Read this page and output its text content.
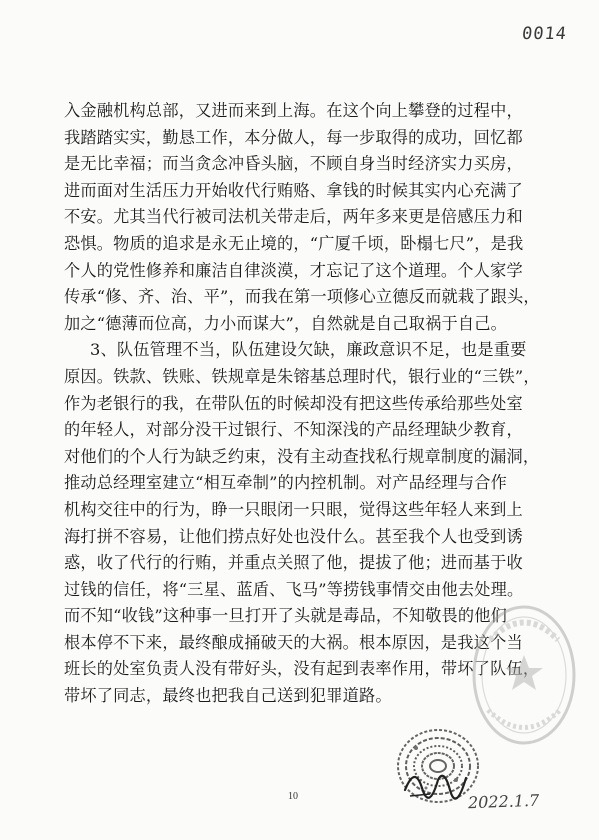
0014
入金融机构总部，又进而来到上海。在这个向上攀登的过程中，
我踏踏实实，勤恳工作，本分做人，每一步取得的成功，回忆都
是无比幸福；而当贪念冲昏头脑，不顾自身当时经济实力买房，
进而面对生活压力开始收代行贿赂、拿钱的时候其实内心充满了
不安。尤其当代行被司法机关带走后，两年多来更是倍感压力和
恐惧。物质的追求是永无止境的，“广厦千顷，卧榻七尺”，是我
个人的党性修养和廉洁自律淡漠，才忘记了这个道理。个人家学
传承“修、齐、治、平”，而我在第一项修心立德反而就栽了跟头，
加之“德薄而位高，力小而谋大”，自然就是自己取祸于自己。
3、队伍管理不当，队伍建设欠缺，廉政意识不足，也是重要
原因。铁款、铁账、铁规章是朱镕基总理时代，银行业的“三铁”，
作为老银行的我，在带队伍的时候却没有把这些传承给那些处室
的年轻人，对部分没干过银行、不知深浅的产品经理缺少教育，
对他们的个人行为缺乏约束，没有主动查找私行规章制度的漏洞，
推动总经理室建立“相互牵制”的内控机制。对产品经理与合作
机构交往中的行为，睁一只眼闭一只眼，觉得这些年轻人来到上
海打拼不容易，让他们捞点好处也没什么。甚至我个人也受到诱
惑，收了代行的行贿，并重点关照了他，提拔了他；进而基于收
过钱的信任，将“三星、蓝盾、飞马”等捞钱事情交由他去处理。
而不知“收钱”这种事一旦打开了头就是毒品，不知敬畏的他们
根本停不下来，最终酿成捅破天的大祸。根本原因，是我这个当
班长的处室负责人没有带好头，没有起到表率作用，带坏了队伍，
带坏了同志，最终也把我自己送到犯罪道路。
10	2022.1.7
